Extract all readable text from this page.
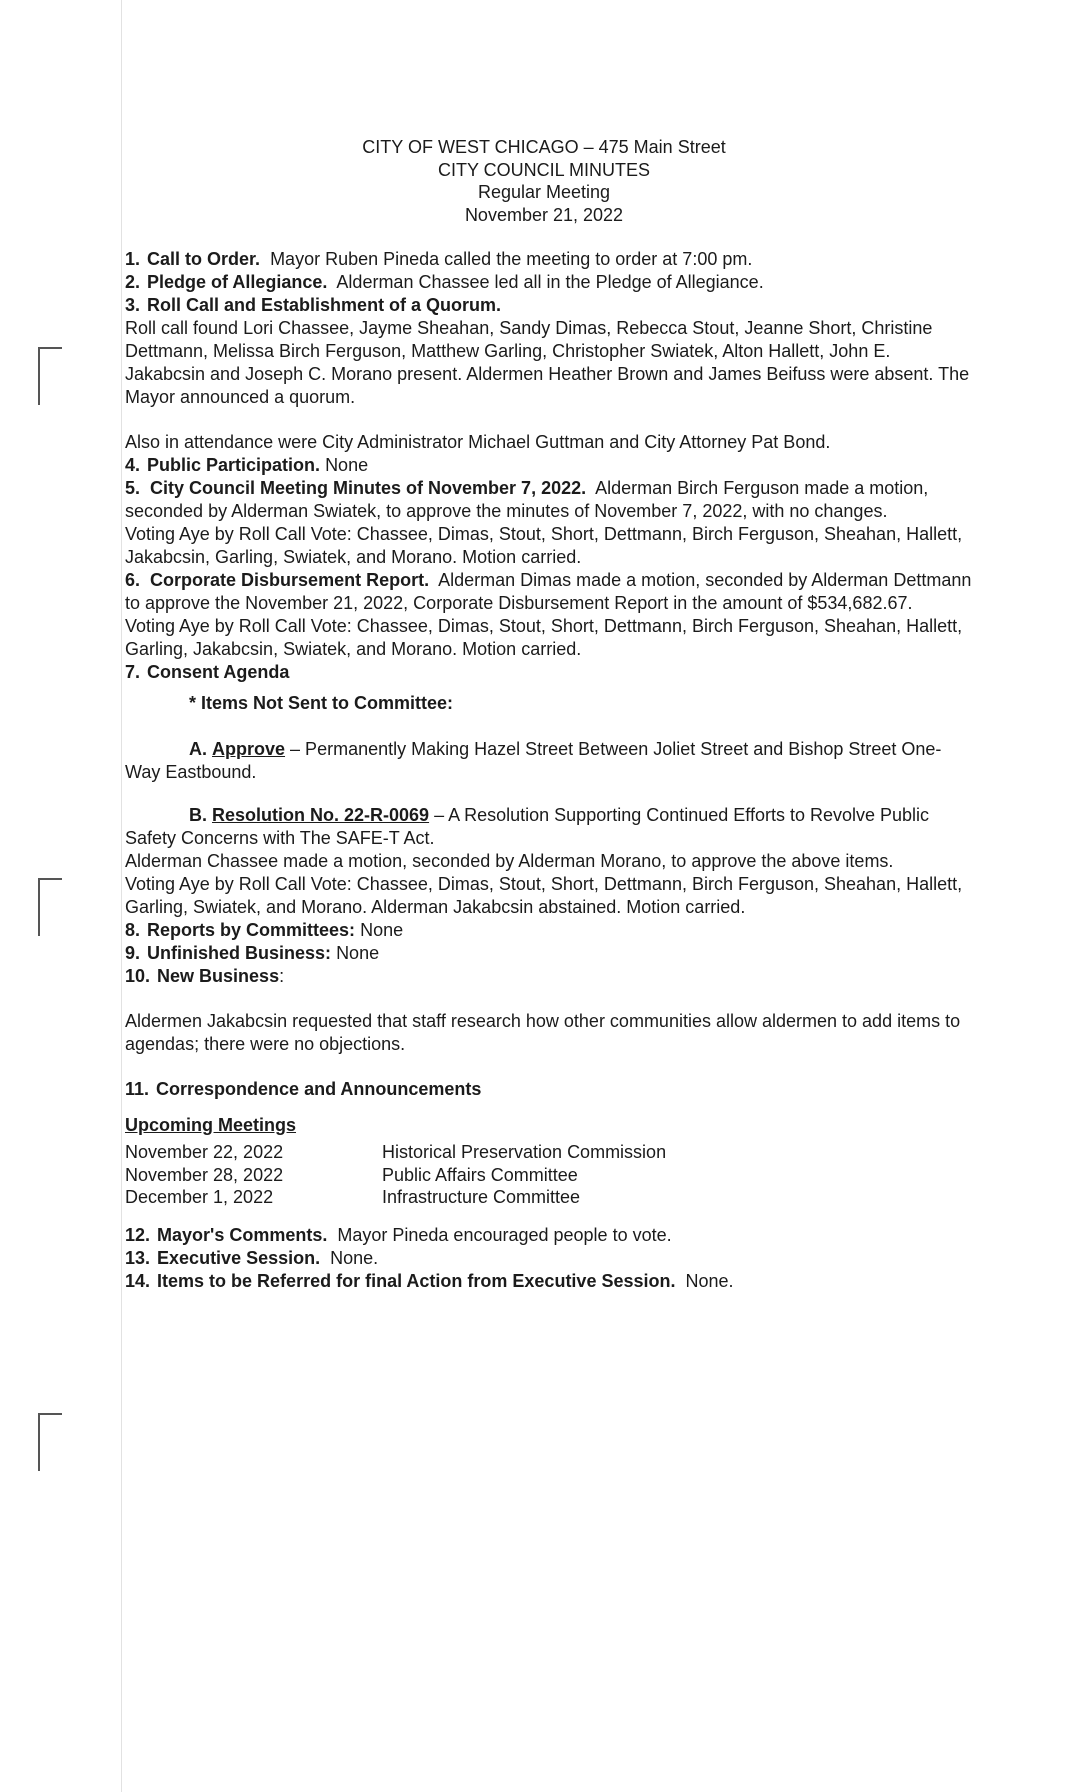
CITY OF WEST CHICAGO – 475 Main Street
CITY COUNCIL MINUTES
Regular Meeting
November 21, 2022

1. Call to Order. Mayor Ruben Pineda called the meeting to order at 7:00 pm.

2. Pledge of Allegiance. Alderman Chassee led all in the Pledge of Allegiance.

3. Roll Call and Establishment of a Quorum.

Roll call found Lori Chassee, Jayme Sheahan, Sandy Dimas, Rebecca Stout, Jeanne Short, Christine Dettmann, Melissa Birch Ferguson, Matthew Garling, Christopher Swiatek, Alton Hallett, John E. Jakabcsin and Joseph C. Morano present. Aldermen Heather Brown and James Beifuss were absent. The Mayor announced a quorum.

Also in attendance were City Administrator Michael Guttman and City Attorney Pat Bond.

4. Public Participation. None

5. City Council Meeting Minutes of November 7, 2022. Alderman Birch Ferguson made a motion, seconded by Alderman Swiatek, to approve the minutes of November 7, 2022, with no changes.

Voting Aye by Roll Call Vote: Chassee, Dimas, Stout, Short, Dettmann, Birch Ferguson, Sheahan, Hallett, Jakabcsin, Garling, Swiatek, and Morano. Motion carried.

6. Corporate Disbursement Report. Alderman Dimas made a motion, seconded by Alderman Dettmann to approve the November 21, 2022, Corporate Disbursement Report in the amount of $534,682.67.

Voting Aye by Roll Call Vote: Chassee, Dimas, Stout, Short, Dettmann, Birch Ferguson, Sheahan, Hallett, Garling, Jakabcsin, Swiatek, and Morano. Motion carried.

7. Consent Agenda

* Items Not Sent to Committee:

A. Approve – Permanently Making Hazel Street Between Joliet Street and Bishop Street One-Way Eastbound.

B. Resolution No. 22-R-0069 – A Resolution Supporting Continued Efforts to Revolve Public Safety Concerns with The SAFE-T Act.

Alderman Chassee made a motion, seconded by Alderman Morano, to approve the above items.

Voting Aye by Roll Call Vote: Chassee, Dimas, Stout, Short, Dettmann, Birch Ferguson, Sheahan, Hallett, Garling, Swiatek, and Morano. Alderman Jakabcsin abstained. Motion carried.

8. Reports by Committees: None

9. Unfinished Business: None

10. New Business:

Aldermen Jakabcsin requested that staff research how other communities allow aldermen to add items to agendas; there were no objections.

11. Correspondence and Announcements

Upcoming Meetings
November 22, 2022	Historical Preservation Commission
November 28, 2022	Public Affairs Committee
December 1, 2022	Infrastructure Committee

12. Mayor's Comments. Mayor Pineda encouraged people to vote.

13. Executive Session. None.

14. Items to be Referred for final Action from Executive Session. None.
